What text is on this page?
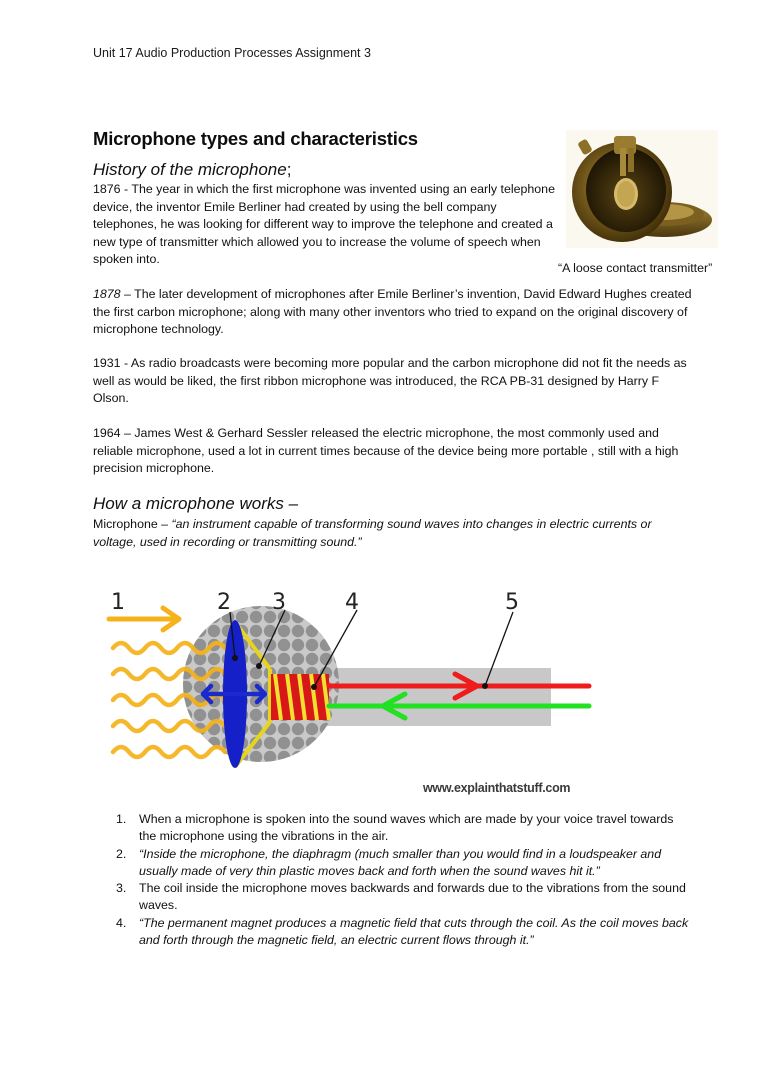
Unit 17 Audio Production Processes Assignment 3
Microphone types and characteristics
History of the microphone;
1876 - The year in which the first microphone was invented using an early telephone device, the inventor Emile Berliner had created by using the bell company telephones, he was looking for different way to improve the telephone and created a new type of transmitter which allowed you to increase the volume of speech when spoken into.
“A loose contact transmitter”
1878 – The later development of microphones after Emile Berliner’s invention, David Edward Hughes created the first carbon microphone; along with many other inventors who tried to expand on the original discovery of microphone technology.
1931 - As radio broadcasts were becoming more popular and the carbon microphone did not fit the needs as well as would be liked, the first ribbon microphone was introduced, the RCA PB-31 designed by Harry F Olson.
1964 – James West & Gerhard Sessler released the electric microphone, the most commonly used and reliable microphone, used a lot in current times because of the device being more portable , still with a high precision microphone.
How a microphone works –
Microphone – “an instrument capable of transforming sound waves into changes in electric currents or voltage, used in recording or transmitting sound.”
1	2 3	4	5
www.explainthatstuff.com
1. When a microphone is spoken into the sound waves which are made by your voice travel towards the microphone using the vibrations in the air.
2. “Inside the microphone, the diaphragm (much smaller than you would find in a loudspeaker and usually made of very thin plastic moves back and forth when the sound waves hit it.”
3. The coil inside the microphone moves backwards and forwards due to the vibrations from the sound waves.
4. “The permanent magnet produces a magnetic field that cuts through the coil. As the coil moves back and forth through the magnetic field, an electric current flows through it.”
